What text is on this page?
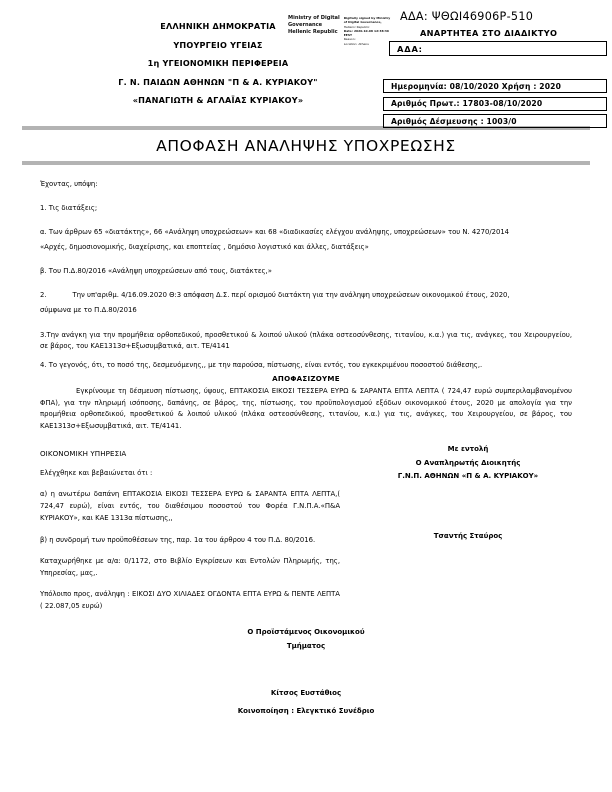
ΕΛΛΗΝΙΚΗ ΔΗΜΟΚΡΑΤΙΑ
ΥΠΟΥΡΓΕΙΟ ΥΓΕΙΑΣ
1η ΥΓΕΙΟΝΟΜΙΚΗ ΠΕΡΙΦΕΡΕΙΑ
Γ. Ν. ΠΑΙΔΩΝ ΑΘΗΝΩΝ "Π & Α. ΚΥΡΙΑΚΟΥ"
«ΠΑΝΑΓΙΩΤΗ & ΑΓΛΑΪΑΣ ΚΥΡΙΑΚΟΥ»
Ministry of Digital
Governance
Hellenic Republic
Digitally signed by Ministry
of Digital Governance,
Hellenic Republic
Date: 2020.10.08 12:38:36
EEST
Reason:
Location: Athens
ΑΔΑ: ΨΘΩΙ46906Ρ-510
ΑΝΑΡΤΗΤΕΑ ΣΤΟ ΔΙΑΔΙΚΤΥΟ
ΑΔΑ:
Ημερομηνία: 08/10/2020 Χρήση : 2020
Αριθμός Πρωτ.: 17803-08/10/2020
Αριθμός Δέσμευσης : 1003/0
ΑΠΟΦΑΣΗ ΑΝΑΛΗΨΗΣ ΥΠΟΧΡΕΩΣΗΣ

Έχοντας, υπόψη:

1. Τις διατάξεις;

α. Των άρθρων 65 «διατάκτης», 66 «Ανάληψη υποχρεώσεων» και 68 «διαδικασίες ελέγχου ανάληψης, υποχρεώσεων» του Ν. 4270/2014

«Αρχές, δημοσιονομικής, διαχείρισης, και εποπτείας , δημόσιο λογιστικό και άλλες, διατάξεις»

β. Του Π.Δ.80/2016 «Ανάληψη υποχρεώσεων από τους, διατάκτες,»

2.	Την υπ'αριθμ. 4/16.09.2020 Θ:3 απόφαση Δ.Σ. περί ορισμού διατάκτη για την ανάληψη υποχρεώσεων οικονομικού έτους, 2020,

σύμφωνα με το Π.Δ.80/2016

3.Την ανάγκη για την προμήθεια ορθοπεδικού, προσθετικού & λοιπού υλικού (πλάκα οστεοσύνθεσης, τιτανίου, κ.α.) για τις, ανάγκες, του Χειρουργείου, σε βάρος, του ΚΑΕ1313σ+Εξωσυμβατικά, αιτ. ΤΕ/4141

4. Το γεγονός, ότι, το ποσό της, δεσμευόμενης,, με την παρούσα, πίστωσης, είναι εντός, του εγκεκριμένου ποσοστού διάθεσης,.

ΑΠΟΦΑΣΙΖΟΥΜΕ

Εγκρίνουμε τη δέσμευση πίστωσης, ύψους, ΕΠΤΑΚΟΣΙΑ ΕΙΚΟΣΙ ΤΕΣΣΕΡΑ ΕΥΡΩ & ΣΑΡΑΝΤΑ ΕΠΤΑ ΛΕΠΤΑ ( 724,47 ευρώ συμπεριλαμβανομένου ΦΠΑ), για την πληρωμή ισόποσης, δαπάνης, σε βάρος, της, πίστωσης, του προϋπολογισμού εξόδων οικονομικού έτους, 2020 με απολογία για την προμήθεια ορθοπεδικού, προσθετικού & λοιπού υλικού (πλάκα οστεοσύνθεσης, τιτανίου, κ.α.) για τις, ανάγκες, του Χειρουργείου, σε βάρος, του ΚΑΕ1313σ+Εξωσυμβατικά, αιτ. ΤΕ/4141.

Με εντολή
Ο Αναπληρωτής Διοικητής
Γ.Ν.Π. ΑΘΗΝΩΝ «Π & Α. ΚΥΡΙΑΚΟΥ»
Τσαντής Σταύρος
ΟΙΚΟΝΟΜΙΚΗ ΥΠΗΡΕΣΙΑ

Ελέγχθηκε και βεβαιώνεται ότι :

α) η ανωτέρω δαπάνη ΕΠΤΑΚΟΣΙΑ ΕΙΚΟΣΙ ΤΕΣΣΕΡΑ ΕΥΡΩ & ΣΑΡΑΝΤΑ ΕΠΤΑ ΛΕΠΤΑ,( 724,47 ευρώ), είναι εντός, του διαθέσιμου ποσοστού του Φορέα Γ.Ν.Π.Α.«Π&Α ΚΥΡΙΑΚΟΥ», και ΚΑΕ 1313α πίστωσης,,

β) η συνδρομή των προϋποθέσεων της, παρ. 1α του άρθρου 4 του Π.Δ. 80/2016.

Καταχωρήθηκε με α/α: 0/1172, στο Βιβλίο Εγκρίσεων και Εντολών Πληρωμής, της, Υπηρεσίας, μας,.

Υπόλοιπο προς, ανάληψη : ΕΙΚΟΣΙ ΔΥΟ ΧΙΛΙΑΔΕΣ ΟΓΔΟΝΤΑ ΕΠΤΑ ΕΥΡΩ & ΠΕΝΤΕ ΛΕΠΤΑ ( 22.087,05 ευρώ)

Ο Προϊστάμενος Οικονομικού
Τμήματος
Κίτσος Ευστάθιος
Κοινοποίηση : Ελεγκτικό Συνέδριο
